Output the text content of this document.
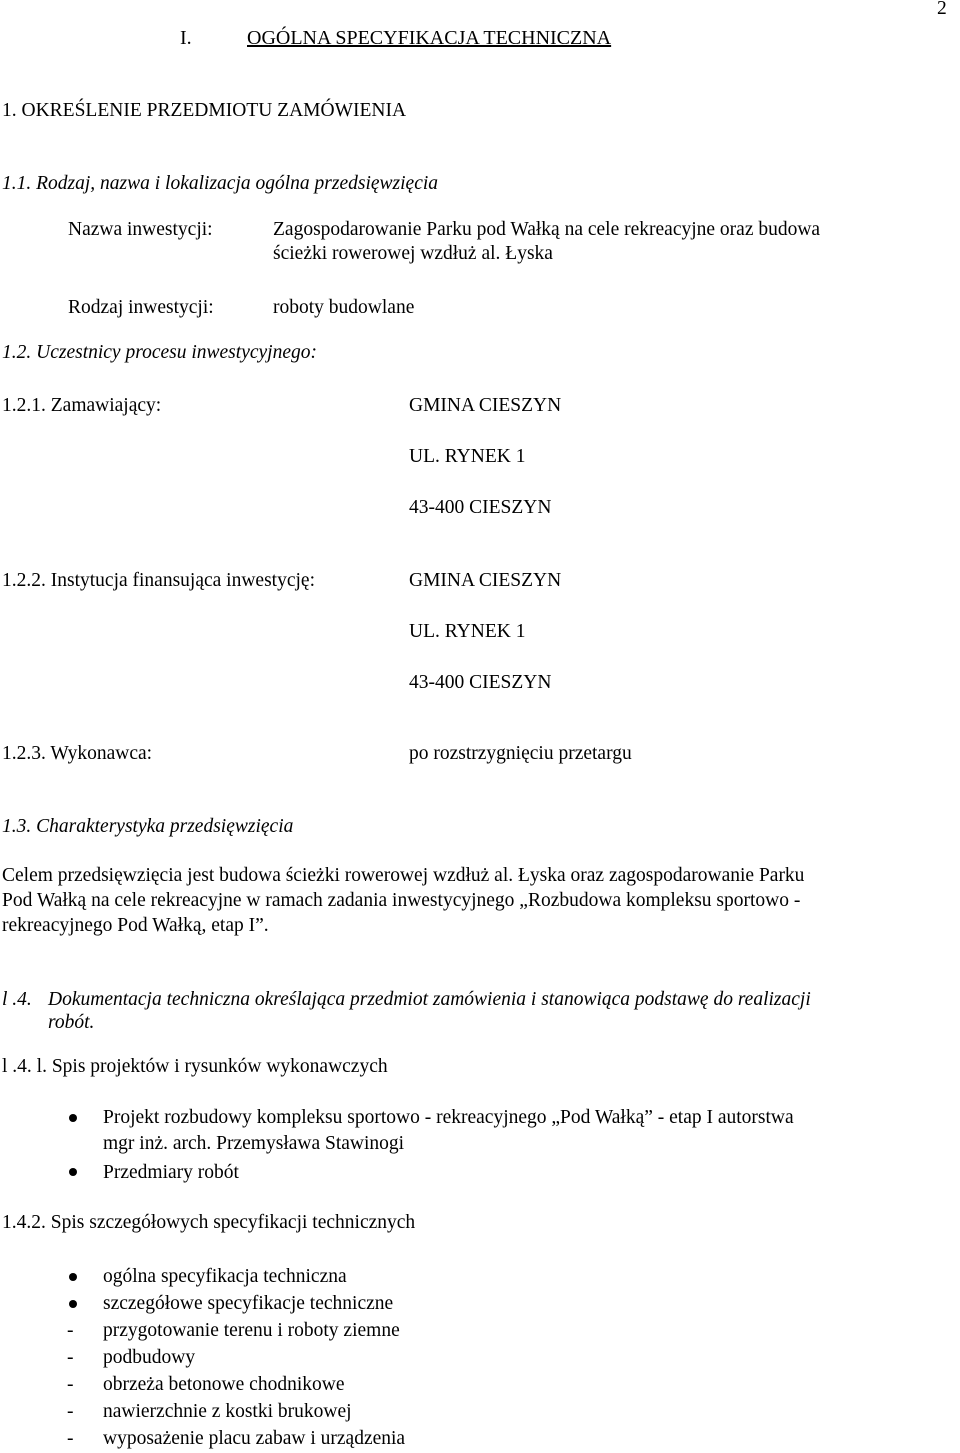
2
I.	OGÓLNA SPECYFIKACJA TECHNICZNA
1. OKREŚLENIE PRZEDMIOTU ZAMÓWIENIA
1.1. Rodzaj, nazwa i lokalizacja ogólna przedsięwzięcia
Nazwa inwestycji:	Zagospodarowanie Parku pod Wałką na cele rekreacyjne oraz budowa
ścieżki rowerowej wzdłuż al. Łyska
Rodzaj inwestycji:	roboty budowlane
1.2. Uczestnicy procesu inwestycyjnego:
1.2.1. Zamawiający:	GMINA CIESZYN
UL. RYNEK 1
43-400 CIESZYN
1.2.2. Instytucja finansująca inwestycję:	GMINA CIESZYN
UL. RYNEK 1
43-400 CIESZYN
1.2.3. Wykonawca:	po rozstrzygnięciu przetargu
1.3. Charakterystyka przedsięwzięcia
Celem przedsięwzięcia jest budowa ścieżki rowerowej wzdłuż al. Łyska oraz zagospodarowanie Parku
Pod Wałką na cele rekreacyjne w ramach zadania inwestycyjnego „Rozbudowa kompleksu sportowo -
rekreacyjnego Pod Wałką, etap I”.
l .4. Dokumentacja techniczna określająca przedmiot zamówienia i stanowiąca podstawę do realizacji
robót.
l .4. l. Spis projektów i rysunków wykonawczych
Projekt rozbudowy kompleksu sportowo - rekreacyjnego „Pod Wałką” - etap I autorstwa
mgr inż. arch. Przemysława Stawinogi
Przedmiary robót
1.4.2. Spis szczegółowych specyfikacji technicznych
ogólna specyfikacja techniczna
szczegółowe specyfikacje techniczne
- przygotowanie terenu i roboty ziemne
- podbudowy
- obrzeża betonowe chodnikowe
- nawierzchnie z kostki brukowej
- wyposażenie placu zabaw i urządzenia
